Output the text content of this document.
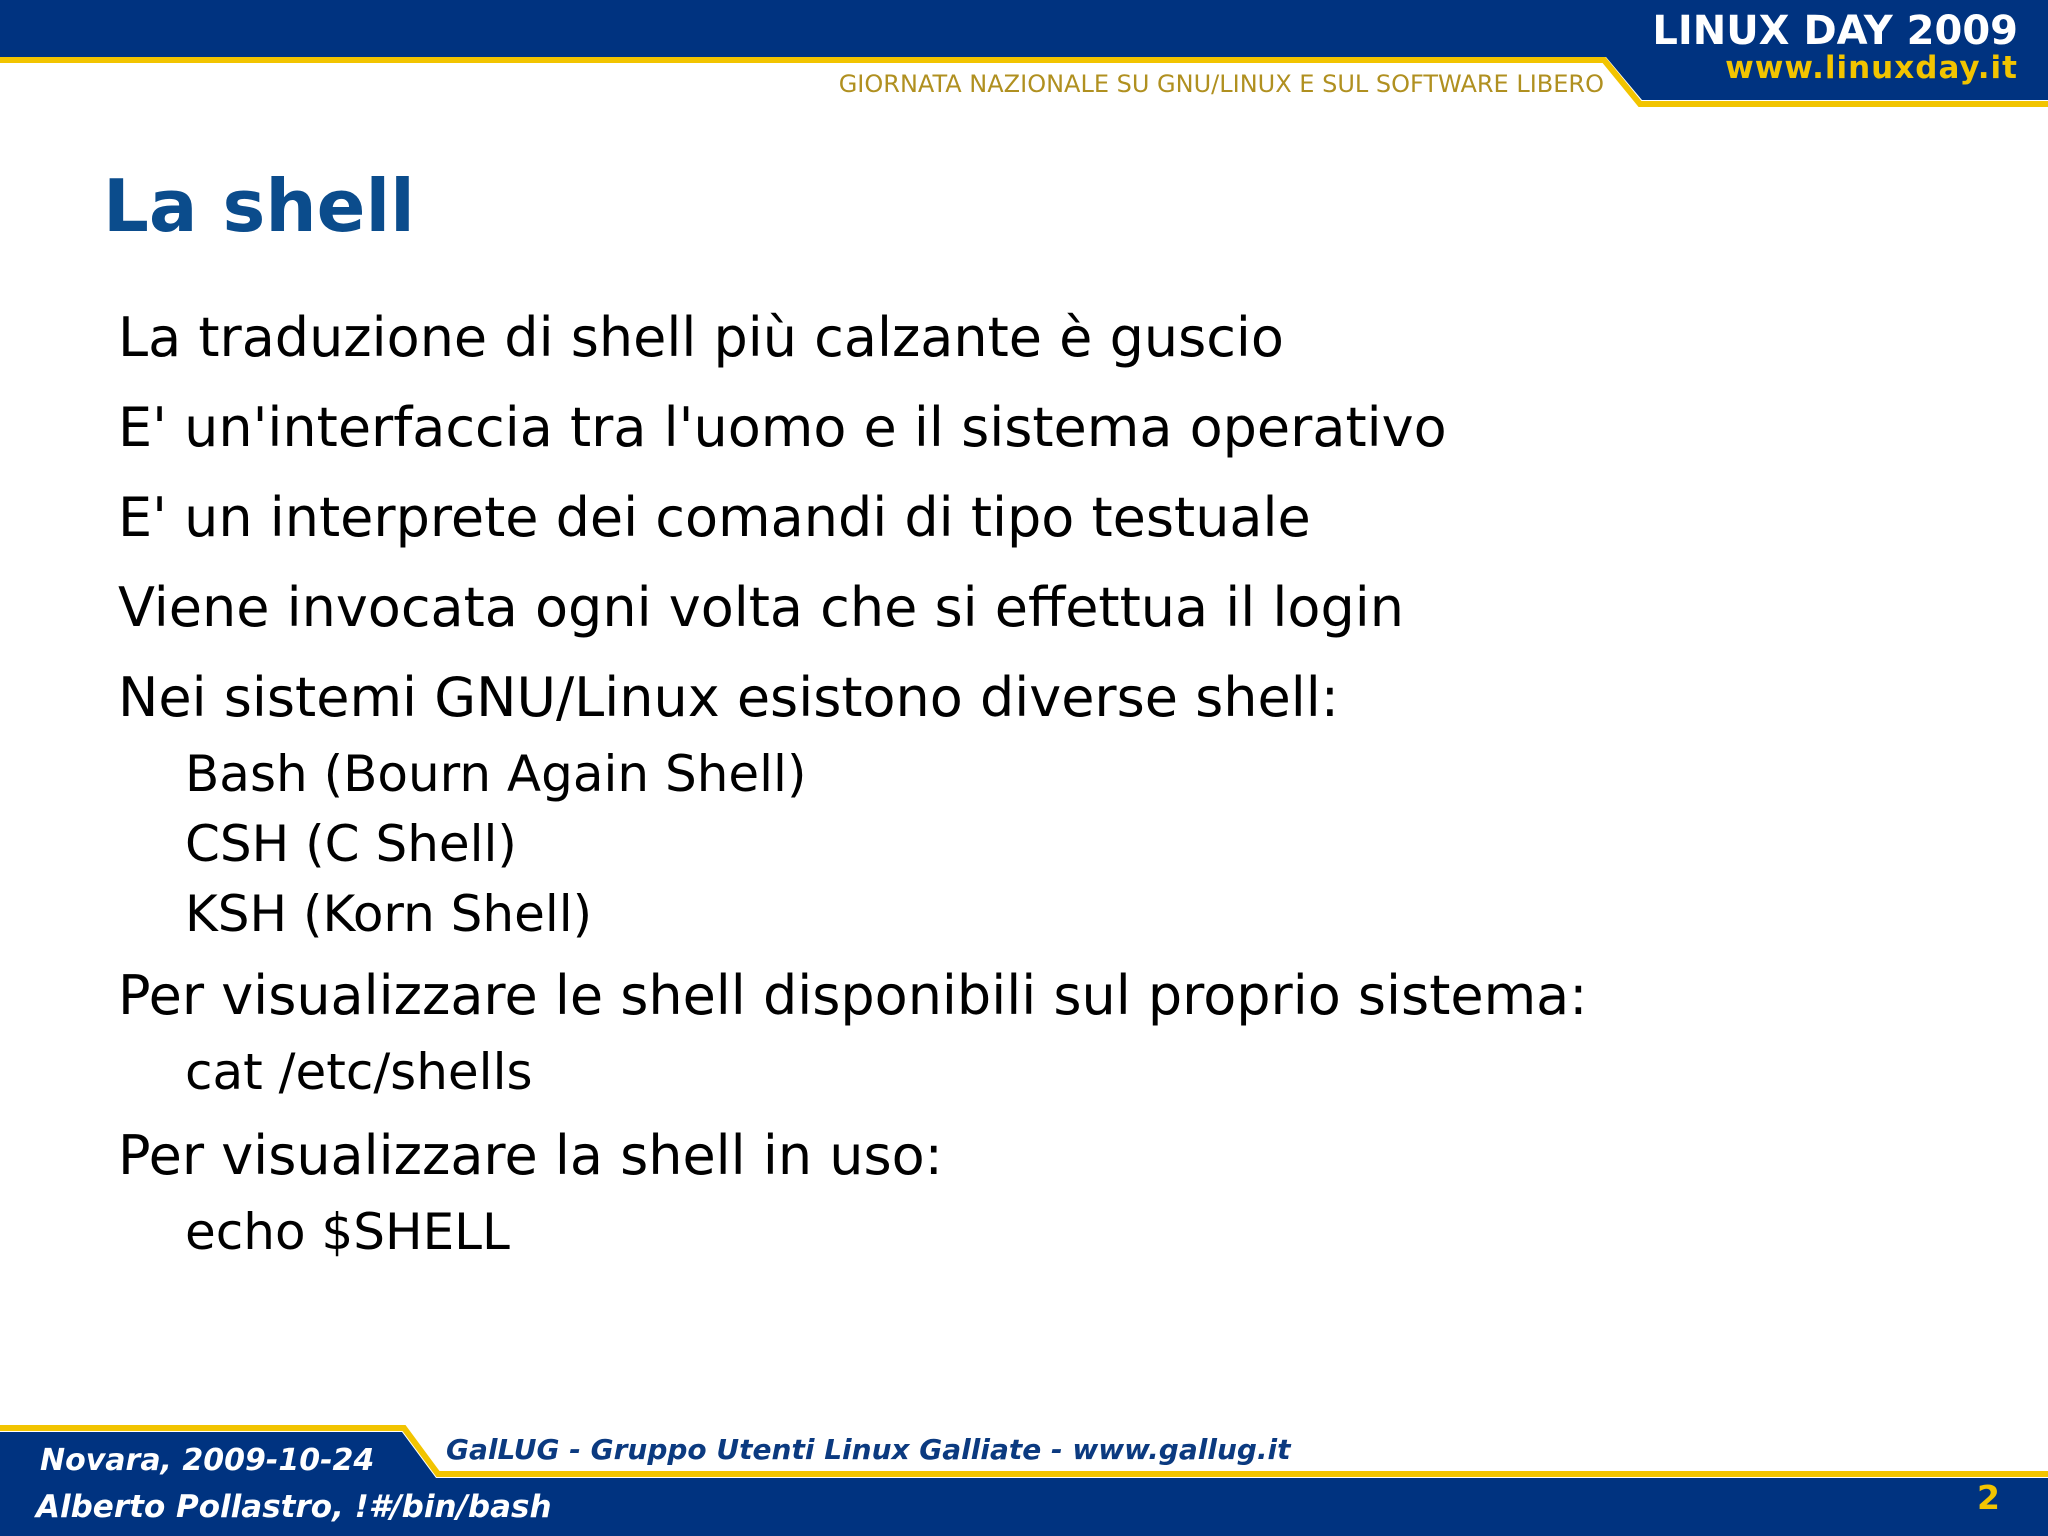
LINUX DAY 2009
www.linuxday.it
GIORNATA NAZIONALE SU GNU/LINUX E SUL SOFTWARE LIBERO
La shell
La traduzione di shell più calzante è guscio
E' un'interfaccia tra l'uomo e il sistema operativo
E' un interprete dei comandi di tipo testuale
Viene invocata ogni volta che si effettua il login
Nei sistemi GNU/Linux esistono diverse shell:
Bash (Bourn Again Shell)
CSH (C Shell)
KSH (Korn Shell)
Per visualizzare le shell disponibili sul proprio sistema:
cat /etc/shells
Per visualizzare la shell in uso:
echo $SHELL
Novara, 2009-10-24
Alberto Pollastro, !#/bin/bash
GalLUG - Gruppo Utenti Linux Galliate - www.gallug.it
2
